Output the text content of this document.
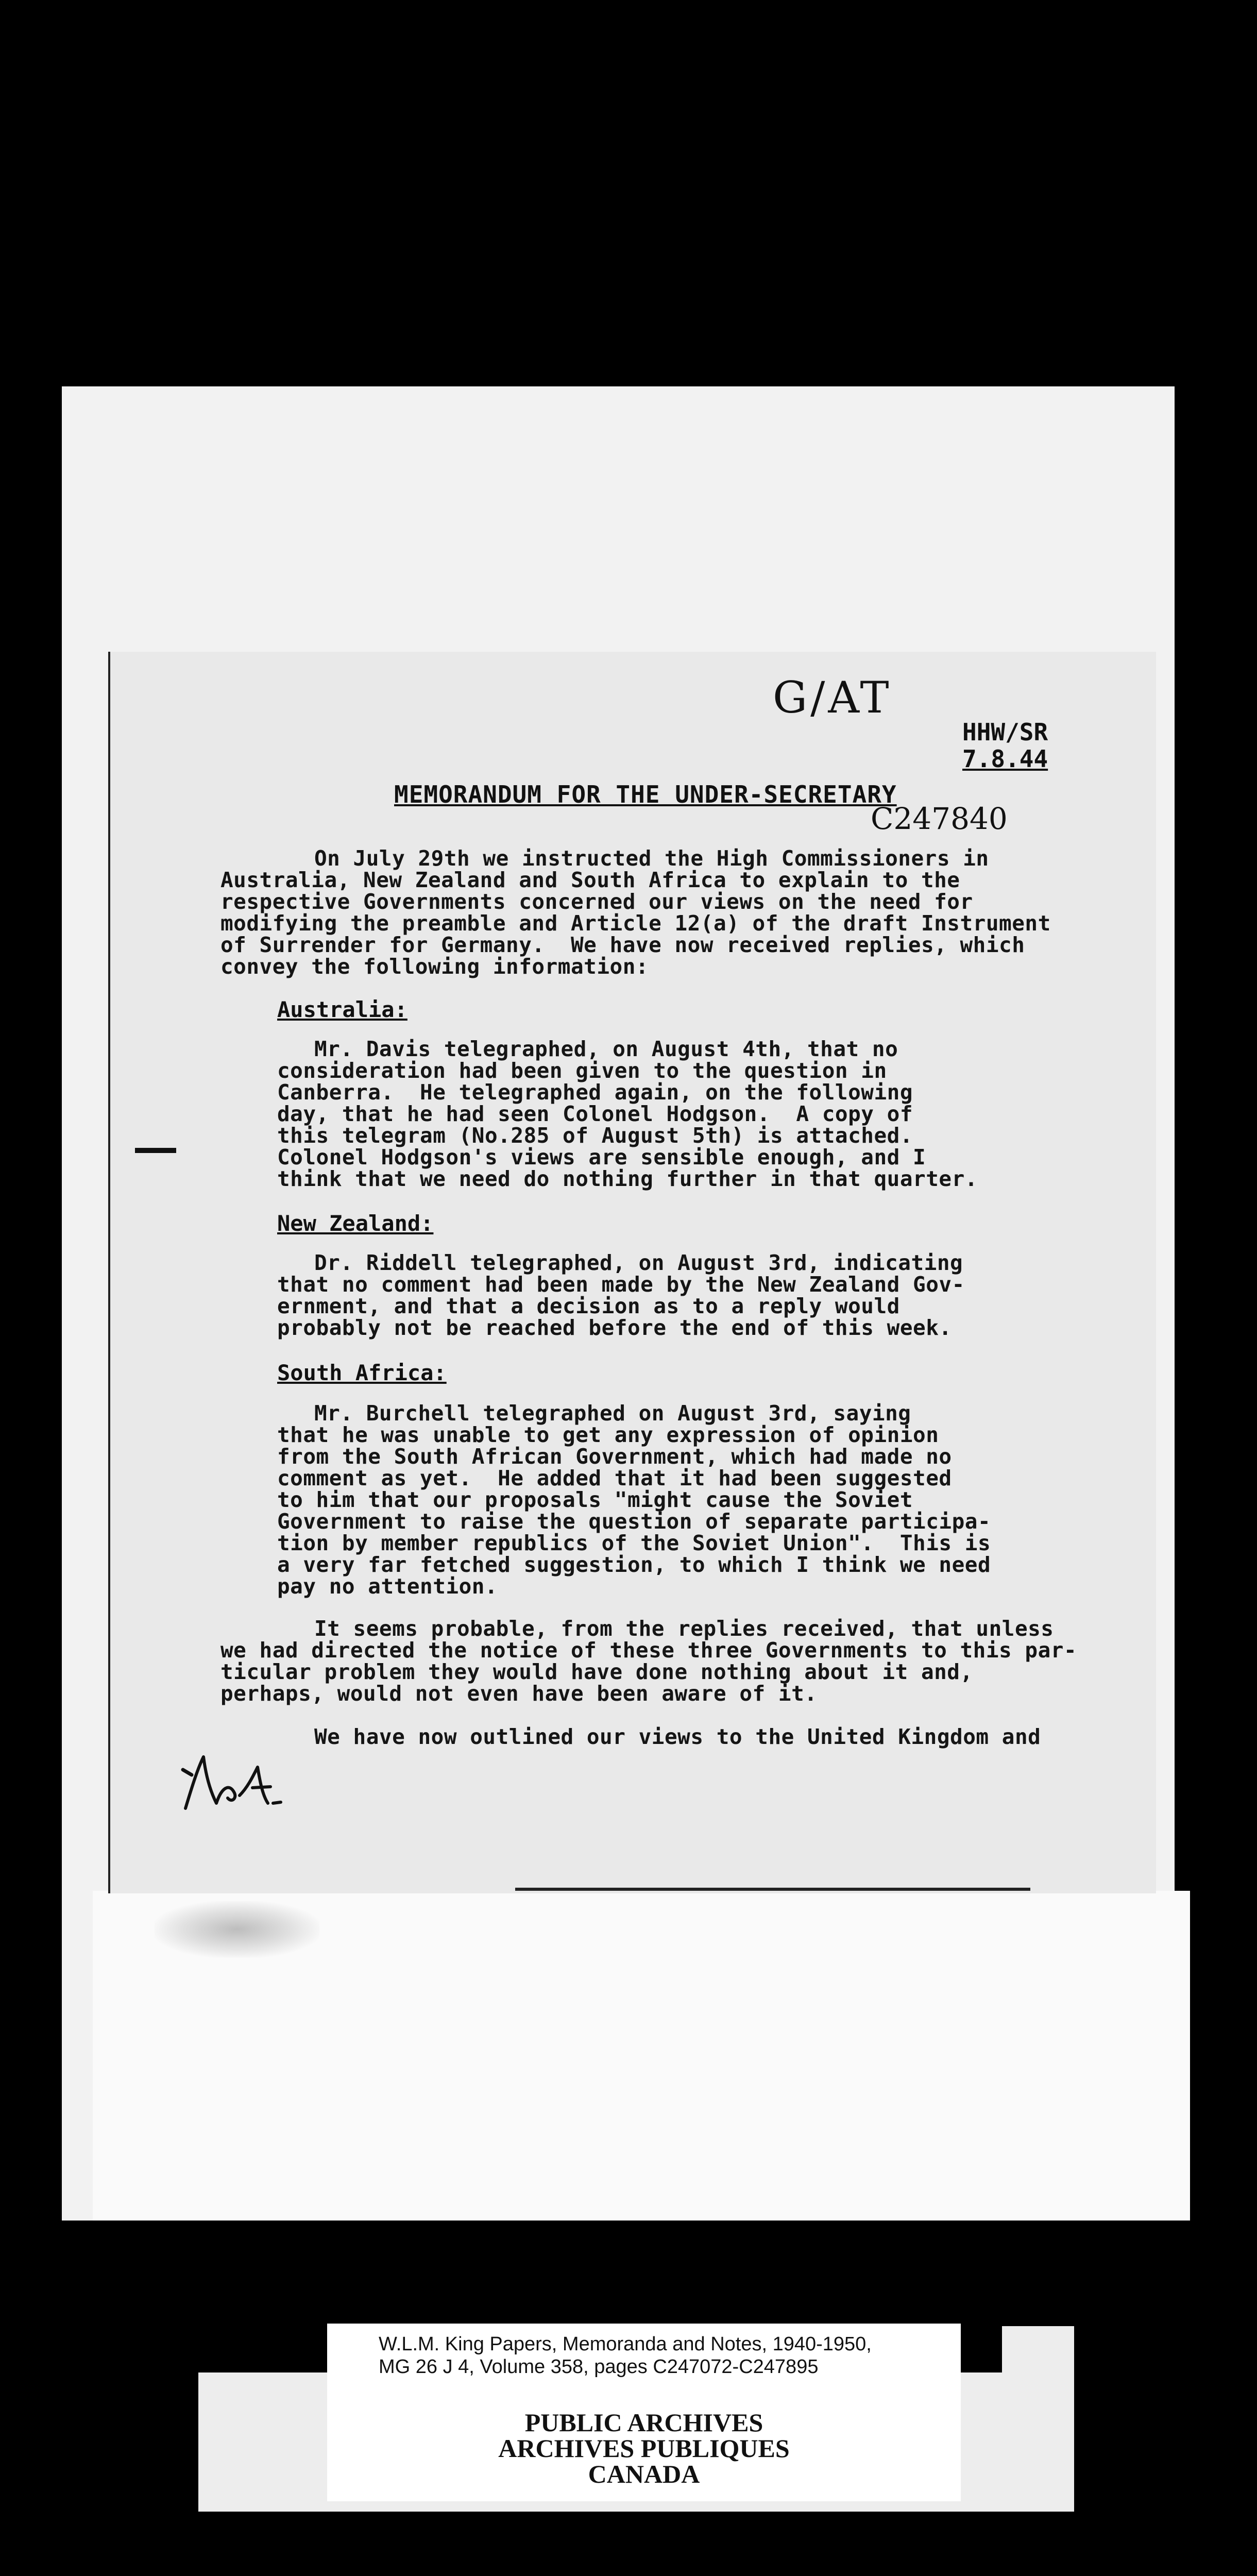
G/AT
HHW/SR
7.8.44
MEMORANDUM FOR THE UNDER-SECRETARY
C247840
On July 29th we instructed the High Commissioners in
Australia, New Zealand and South Africa to explain to the
respective Governments concerned our views on the need for
modifying the preamble and Article 12(a) of the draft Instrument
of Surrender for Germany.  We have now received replies, which
convey the following information:
Australia:
Mr. Davis telegraphed, on August 4th, that no
consideration had been given to the question in
Canberra.  He telegraphed again, on the following
day, that he had seen Colonel Hodgson.  A copy of
this telegram (No.285 of August 5th) is attached.
Colonel Hodgson's views are sensible enough, and I
think that we need do nothing further in that quarter.
New Zealand:
Dr. Riddell telegraphed, on August 3rd, indicating
that no comment had been made by the New Zealand Gov-
ernment, and that a decision as to a reply would
probably not be reached before the end of this week.
South Africa:
Mr. Burchell telegraphed on August 3rd, saying
that he was unable to get any expression of opinion
from the South African Government, which had made no
comment as yet.  He added that it had been suggested
to him that our proposals "might cause the Soviet
Government to raise the question of separate participa-
tion by member republics of the Soviet Union".  This is
a very far fetched suggestion, to which I think we need
pay no attention.
It seems probable, from the replies received, that unless
we had directed the notice of these three Governments to this par-
ticular problem they would have done nothing about it and,
perhaps, would not even have been aware of it.
We have now outlined our views to the United Kingdom and
W.L.M. King Papers, Memoranda and Notes, 1940-1950,
MG 26 J 4, Volume 358, pages C247072-C247895
PUBLIC ARCHIVES
ARCHIVES PUBLIQUES
CANADA
